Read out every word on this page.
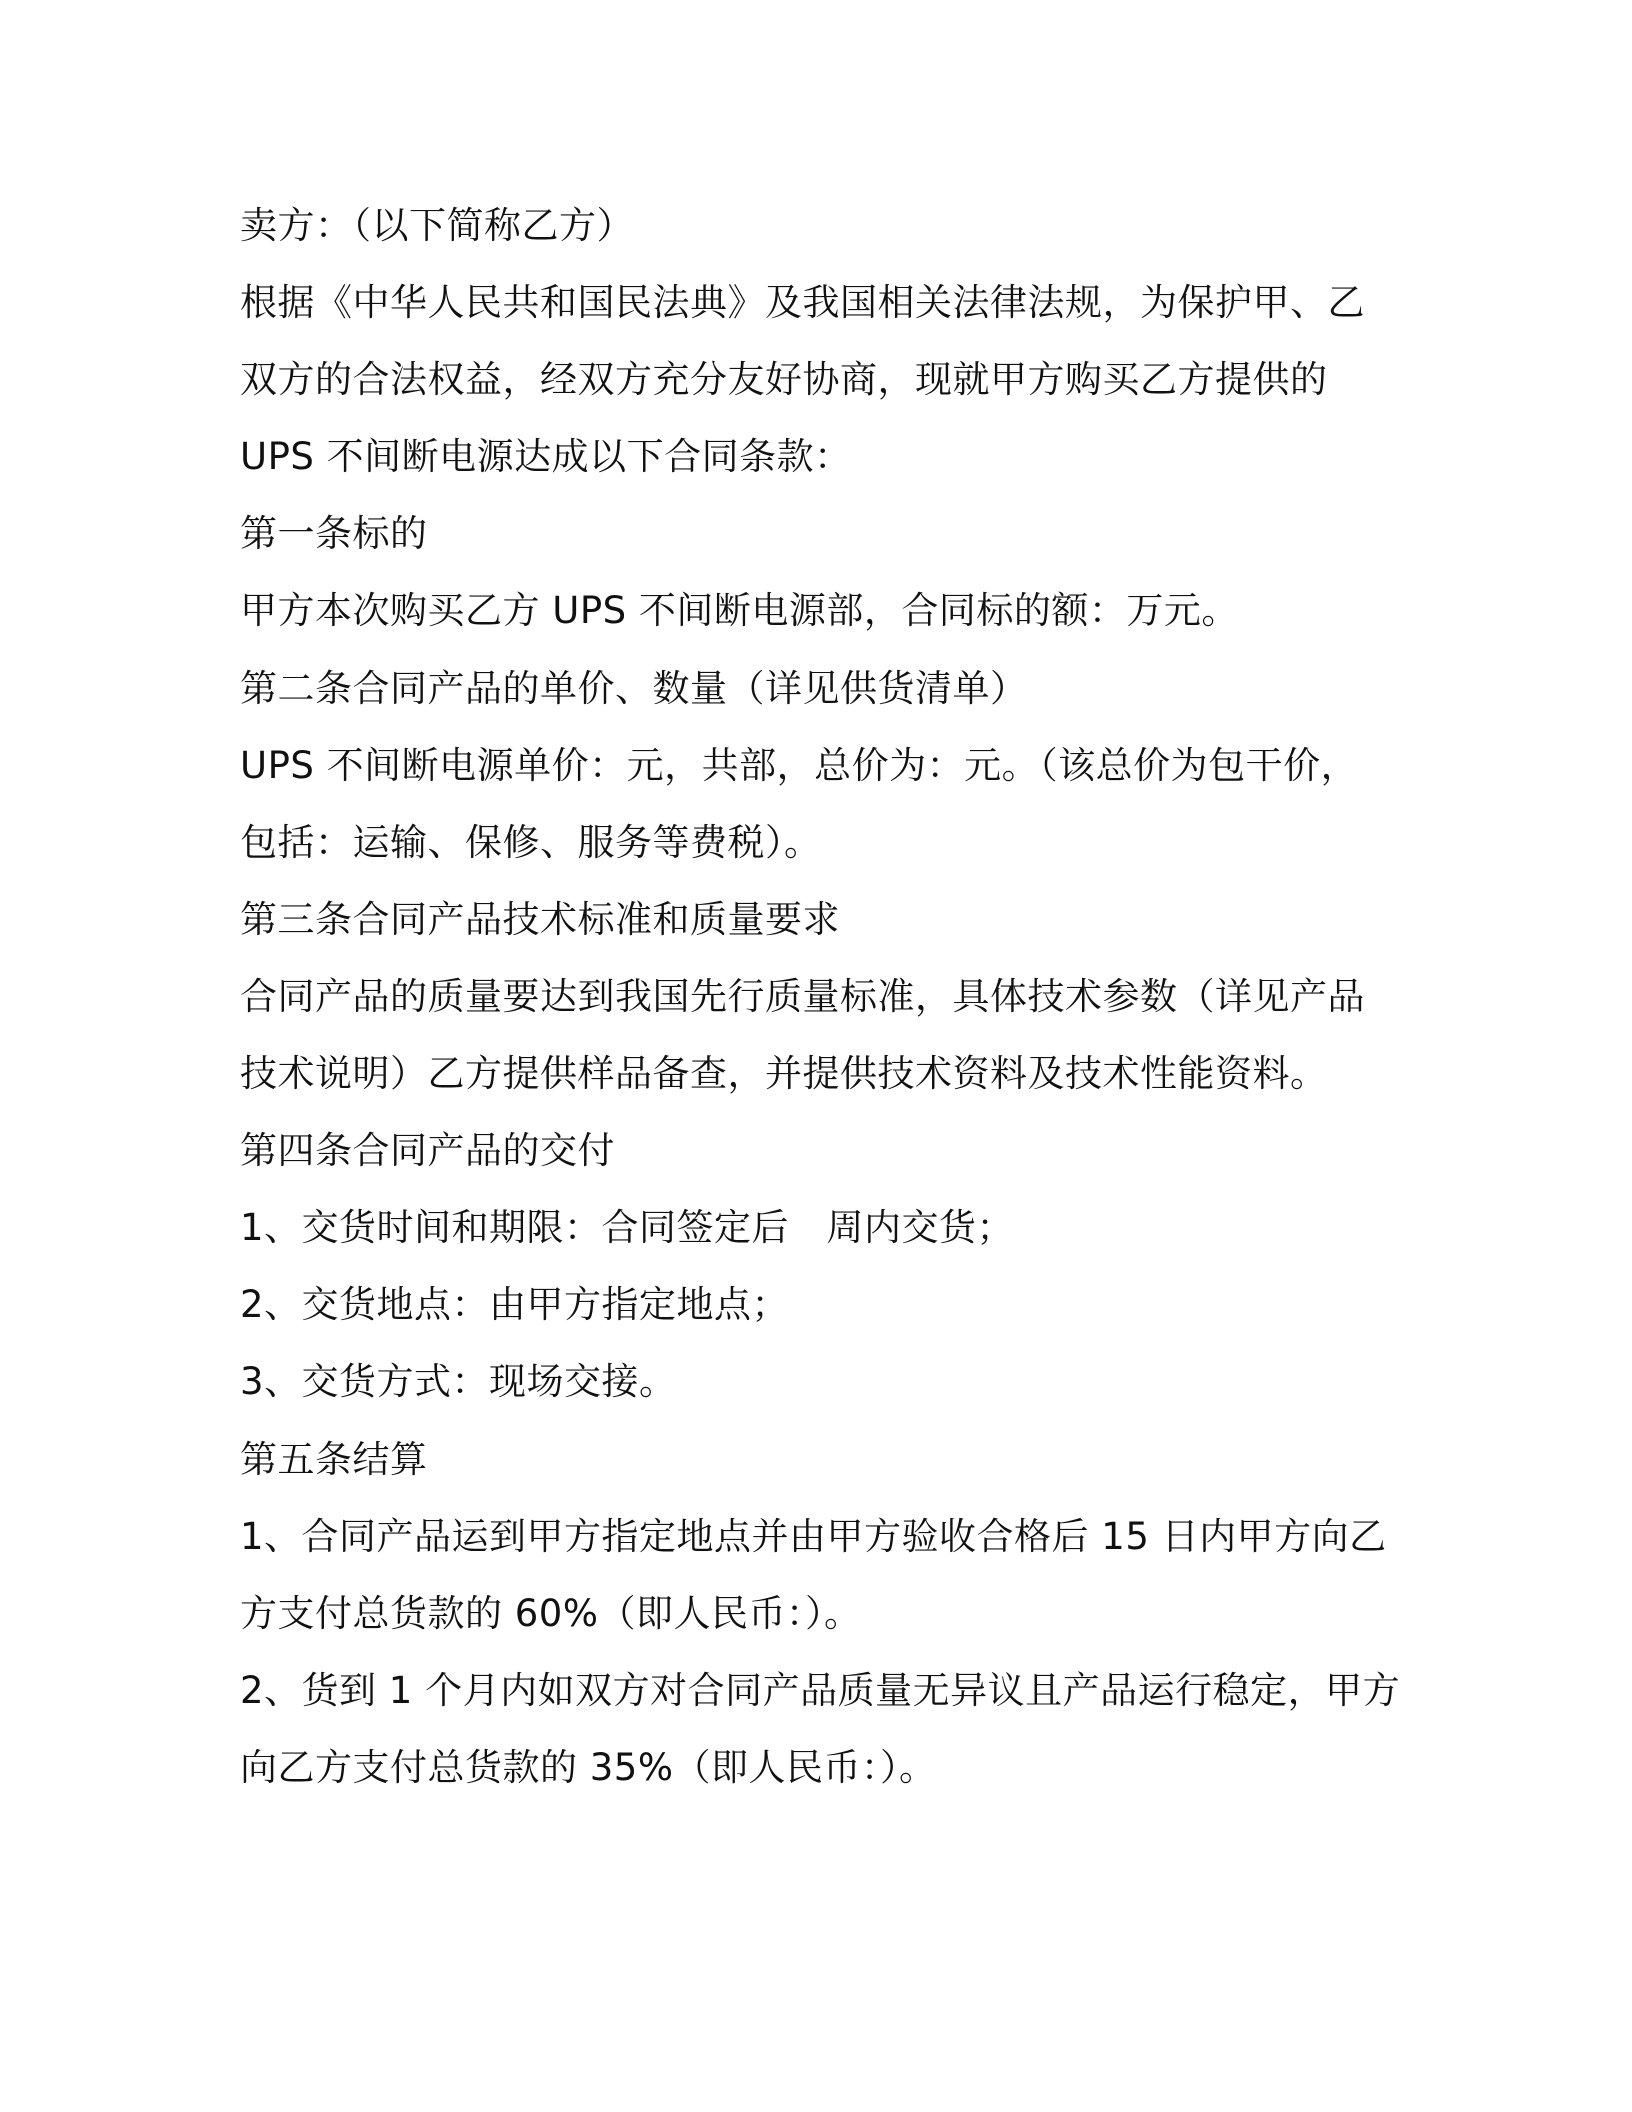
卖方：（以下简称乙方）
根据《中华人民共和国民法典》及我国相关法律法规，为保护甲、乙
双方的合法权益，经双方充分友好协商，现就甲方购买乙方提供的
UPS 不间断电源达成以下合同条款：
第一条标的
甲方本次购买乙方 UPS 不间断电源部，合同标的额：万元。
第二条合同产品的单价、数量（详见供货清单）
UPS 不间断电源单价：元，共部，总价为：元。（该总价为包干价，
包括：运输、保修、服务等费税）。
第三条合同产品技术标准和质量要求
合同产品的质量要达到我国先行质量标准，具体技术参数（详见产品
技术说明）乙方提供样品备查，并提供技术资料及技术性能资料。
第四条合同产品的交付
1、交货时间和期限：合同签定后　周内交货；
2、交货地点：由甲方指定地点；
3、交货方式：现场交接。
第五条结算
1、合同产品运到甲方指定地点并由甲方验收合格后 15 日内甲方向乙
方支付总货款的 60%（即人民币：）。
2、货到 1 个月内如双方对合同产品质量无异议且产品运行稳定，甲方
向乙方支付总货款的 35%（即人民币：）。
